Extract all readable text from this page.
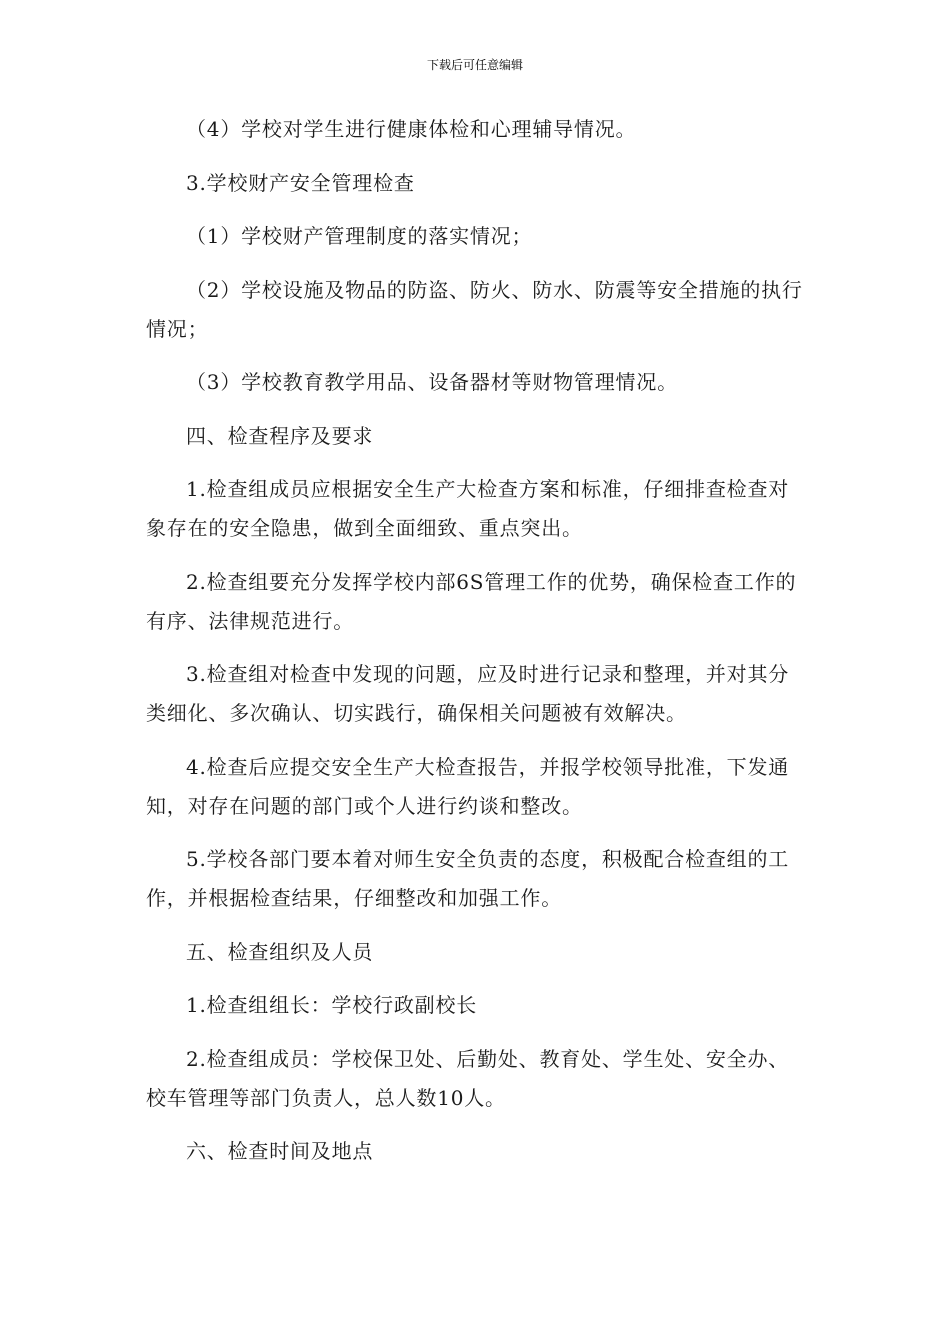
下载后可任意编辑

（4）学校对学生进行健康体检和心理辅导情况。

3.学校财产安全管理检查

（1）学校财产管理制度的落实情况；

（2）学校设施及物品的防盗、防火、防水、防震等安全措施的执行情况；

（3）学校教育教学用品、设备器材等财物管理情况。

四、检查程序及要求

1.检查组成员应根据安全生产大检查方案和标准，仔细排查检查对象存在的安全隐患，做到全面细致、重点突出。

2.检查组要充分发挥学校内部6S管理工作的优势，确保检查工作的有序、法律规范进行。

3.检查组对检查中发现的问题，应及时进行记录和整理，并对其分类细化、多次确认、切实践行，确保相关问题被有效解决。

4.检查后应提交安全生产大检查报告，并报学校领导批准，下发通知，对存在问题的部门或个人进行约谈和整改。

5.学校各部门要本着对师生安全负责的态度，积极配合检查组的工作，并根据检查结果，仔细整改和加强工作。

五、检查组织及人员

1.检查组组长：学校行政副校长

2.检查组成员：学校保卫处、后勤处、教育处、学生处、安全办、校车管理等部门负责人，总人数10人。

六、检查时间及地点
